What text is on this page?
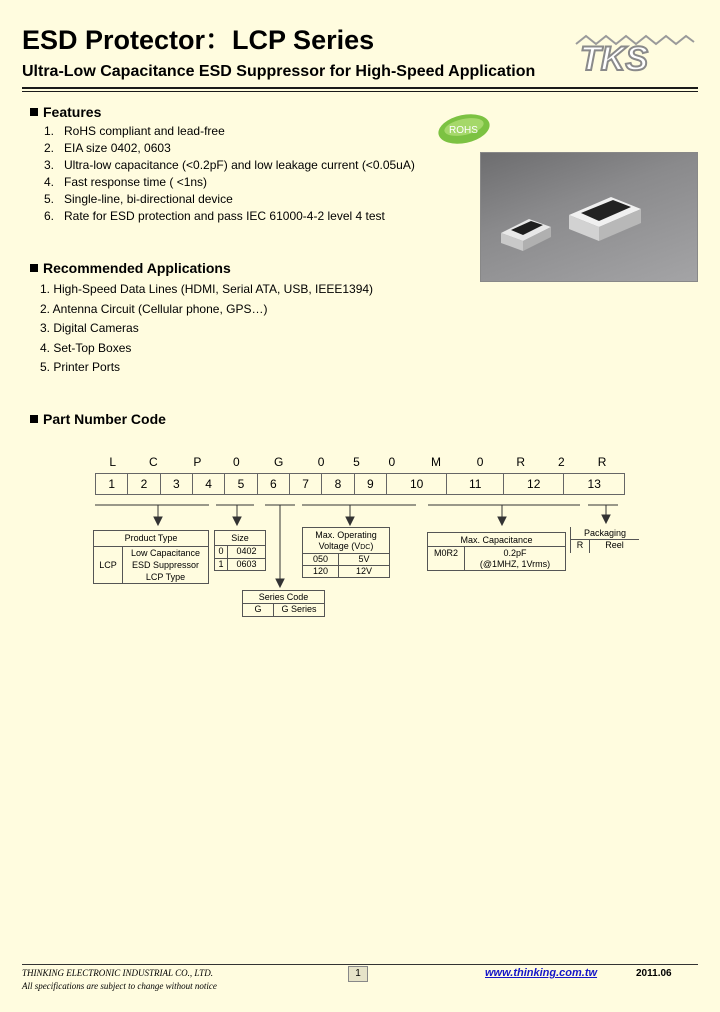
ESD Protector：LCP Series
Ultra-Low Capacitance ESD Suppressor for High-Speed Application TKS
Features
1. RoHS compliant and lead-free
2. EIA size 0402, 0603
3. Ultra-low capacitance (<0.2pF) and low leakage current (<0.05uA)
4. Fast response time ( <1ns)
5. Single-line, bi-directional device
6. Rate for ESD protection and pass IEC 61000-4-2 level 4 test
ROHS
Recommended Applications
1. High-Speed Data Lines (HDMI, Serial ATA, USB, IEEE1394)
2. Antenna Circuit (Cellular phone, GPS…)
3. Digital Cameras
4. Set-Top Boxes
5. Printer Ports
Part Number Code
L	C	P	0	G	0	5	0	M	0	R	2	R
1	2	3	4	5	6	7	8	9	10	11	12	13
Product Type
LCP
Low Capacitance
ESD Suppressor
LCP Type
Size
0	0402
1	0603
Max. Operating
Voltage (VDC)
050	5V
120	12V
Series Code
G	G Series
Max. Capacitance
M0R2	0.2pF
(@1MHZ, 1Vrms)
Packaging
R	Reel
THINKING ELECTRONIC INDUSTRIAL CO., LTD.
All specifications are subject to change without notice
1	www.thinking.com.tw	2011.06
